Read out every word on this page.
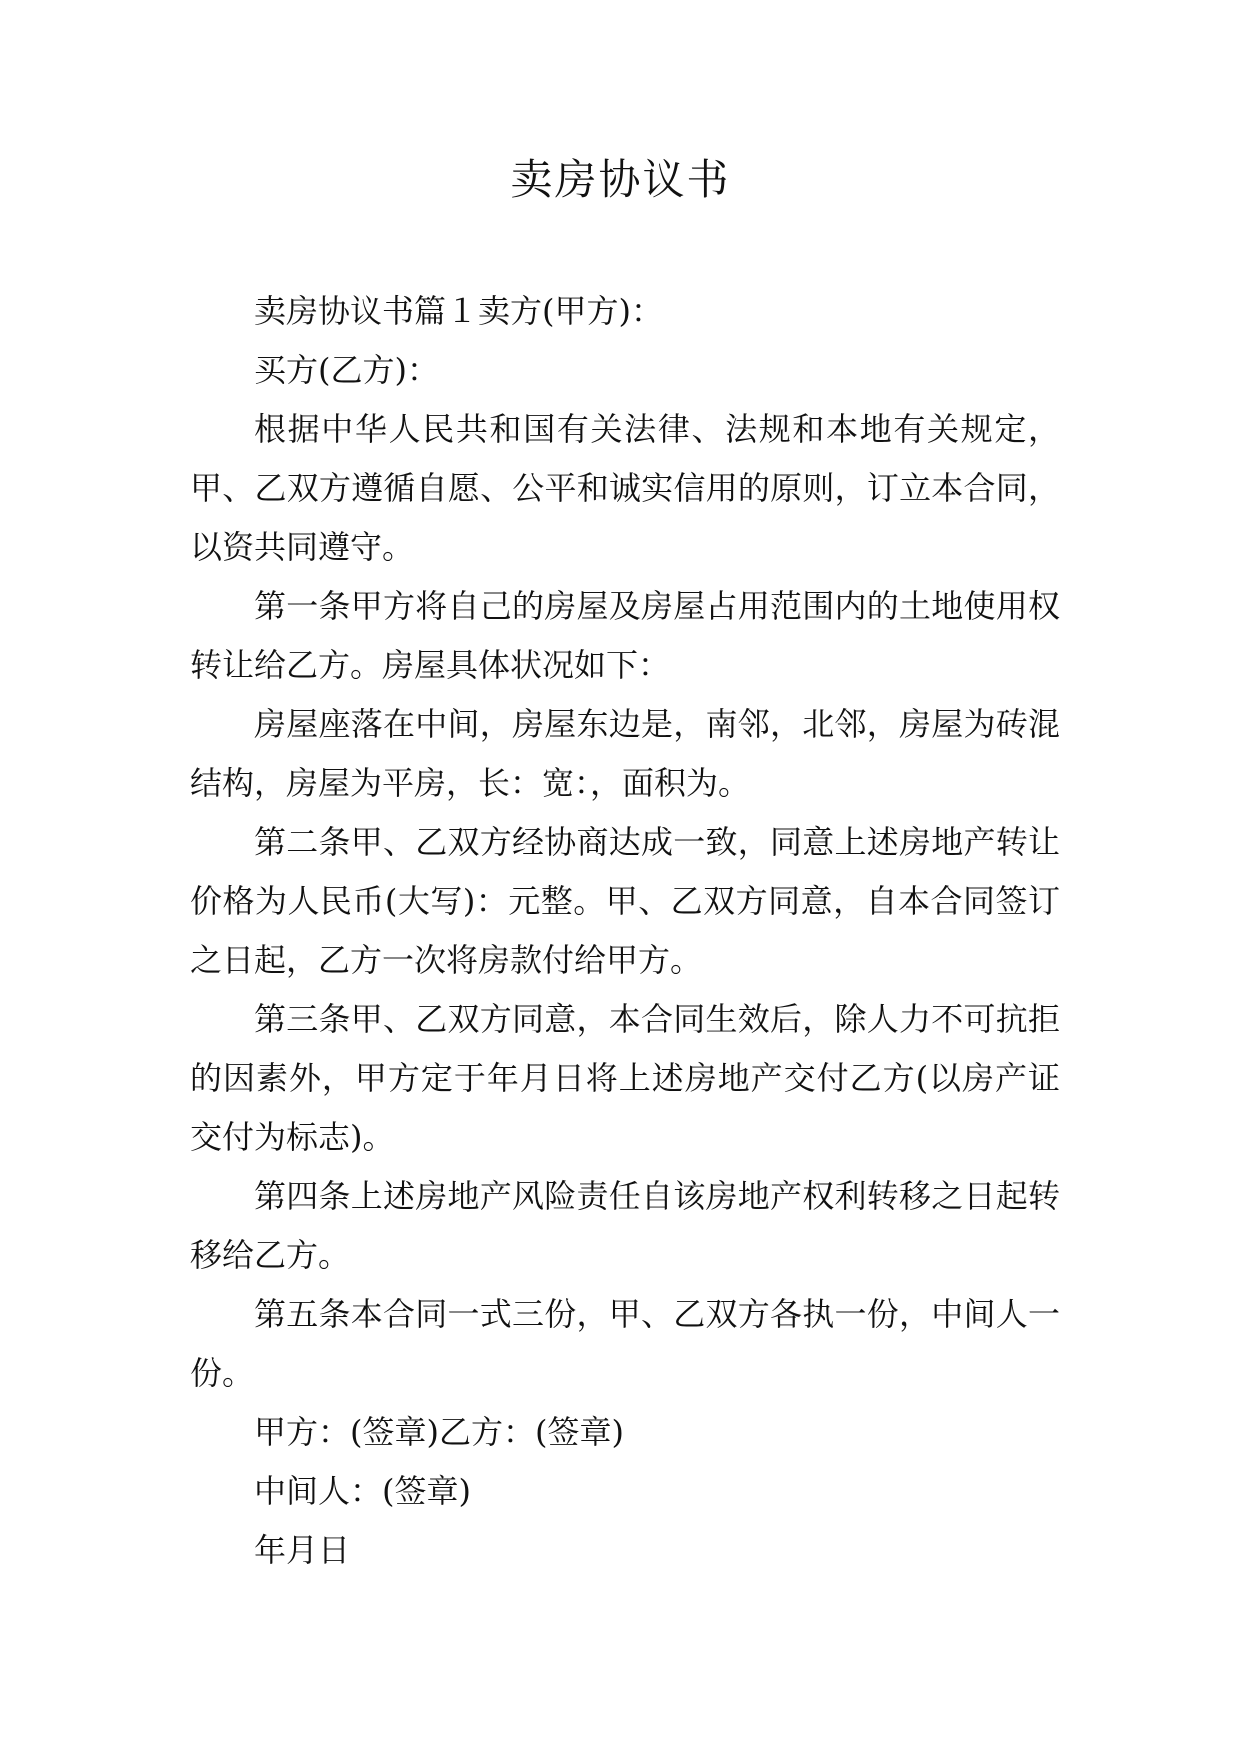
卖房协议书

卖房协议书篇１卖方(甲方)：

买方(乙方)：

根据中华人民共和国有关法律、法规和本地有关规定，甲、乙双方遵循自愿、公平和诚实信用的原则，订立本合同，以资共同遵守。

第一条甲方将自己的房屋及房屋占用范围内的土地使用权转让给乙方。房屋具体状况如下：

房屋座落在中间，房屋东边是，南邻，北邻，房屋为砖混结构，房屋为平房，长：宽：，面积为。

第二条甲、乙双方经协商达成一致，同意上述房地产转让价格为人民币(大写)：元整。甲、乙双方同意，自本合同签订之日起，乙方一次将房款付给甲方。

第三条甲、乙双方同意，本合同生效后，除人力不可抗拒的因素外，甲方定于年月日将上述房地产交付乙方(以房产证交付为标志)。

第四条上述房地产风险责任自该房地产权利转移之日起转移给乙方。

第五条本合同一式三份，甲、乙双方各执一份，中间人一份。

甲方：(签章)乙方：(签章)

中间人：(签章)

年月日
